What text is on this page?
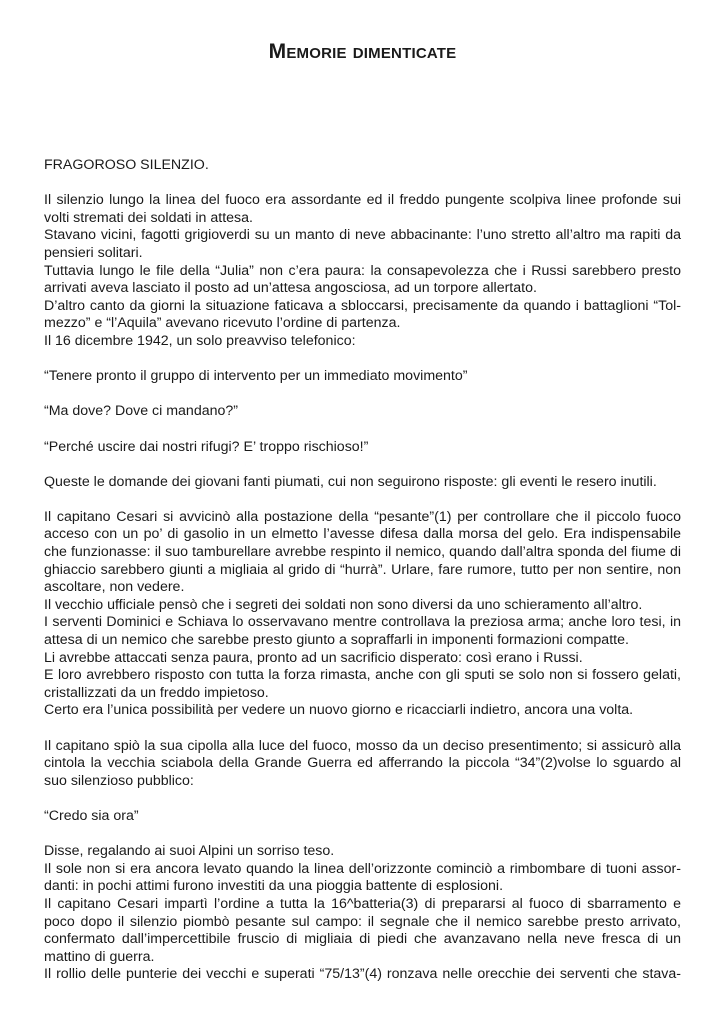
Memorie dimenticate

FRAGOROSO SILENZIO.

Il silenzio lungo la linea del fuoco era assordante ed il freddo pungente scolpiva linee profonde sui volti stremati dei soldati in attesa.

Stavano vicini, fagotti grigioverdi su un manto di neve abbacinante: l’uno stretto all’altro ma rapiti da pensieri solitari.

Tuttavia lungo le file della “Julia” non c’era paura: la consapevolezza che i Russi sarebbero presto arrivati aveva lasciato il posto ad un’attesa angosciosa, ad un torpore allertato.

D’altro canto da giorni la situazione faticava a sbloccarsi, precisamente da quando i battaglioni “Tol-mezzo” e “l’Aquila” avevano ricevuto l’ordine di partenza.

Il 16 dicembre 1942, un solo preavviso telefonico:

“Tenere pronto il gruppo di intervento per un immediato movimento”

“Ma dove? Dove ci mandano?”

“Perché uscire dai nostri rifugi? E’ troppo rischioso!”

Queste le domande dei giovani fanti piumati, cui non seguirono risposte: gli eventi le resero inutili.

Il capitano Cesari si avvicinò alla postazione della “pesante”(1) per controllare che il piccolo fuoco acceso con un po’ di gasolio in un elmetto l’avesse difesa dalla morsa del gelo. Era indispensabile che funzionasse: il suo tamburellare avrebbe respinto il nemico, quando dall’altra sponda del fiume di ghiaccio sarebbero giunti a migliaia al grido di “hurrà”. Urlare, fare rumore, tutto per non sentire, non ascoltare, non vedere.

Il vecchio ufficiale pensò che i segreti dei soldati non sono diversi da uno schieramento all’altro.

I serventi Dominici e Schiava lo osservavano mentre controllava la preziosa arma; anche loro tesi, in attesa di un nemico che sarebbe presto giunto a sopraffarli in imponenti formazioni compatte.

Li avrebbe attaccati senza paura, pronto ad un sacrificio disperato: così erano i Russi.

E loro avrebbero risposto con tutta la forza rimasta, anche con gli sputi se solo non si fossero gelati, cristallizzati da un freddo impietoso.

Certo era l’unica possibilità per vedere un nuovo giorno e ricacciarli indietro, ancora una volta.

Il capitano spiò la sua cipolla alla luce del fuoco, mosso da un deciso presentimento; si assicurò alla cintola la vecchia sciabola della Grande Guerra ed afferrando la piccola “34”(2)volse lo sguardo al suo silenzioso pubblico:

“Credo sia ora”

Disse, regalando ai suoi Alpini un sorriso teso.

Il sole non si era ancora levato quando la linea dell’orizzonte cominciò a rimbombare di tuoni assor-danti: in pochi attimi furono investiti da una pioggia battente di esplosioni.

Il capitano Cesari impartì l’ordine a tutta la 16^batteria(3) di prepararsi al fuoco di sbarramento e poco dopo il silenzio piombò pesante sul campo: il segnale che il nemico sarebbe presto arrivato, confermato dall’impercettibile fruscio di migliaia di piedi che avanzavano nella neve fresca di un mattino di guerra.

Il rollio delle punterie dei vecchi e superati “75/13”(4) ronzava nelle orecchie dei serventi che stava-
